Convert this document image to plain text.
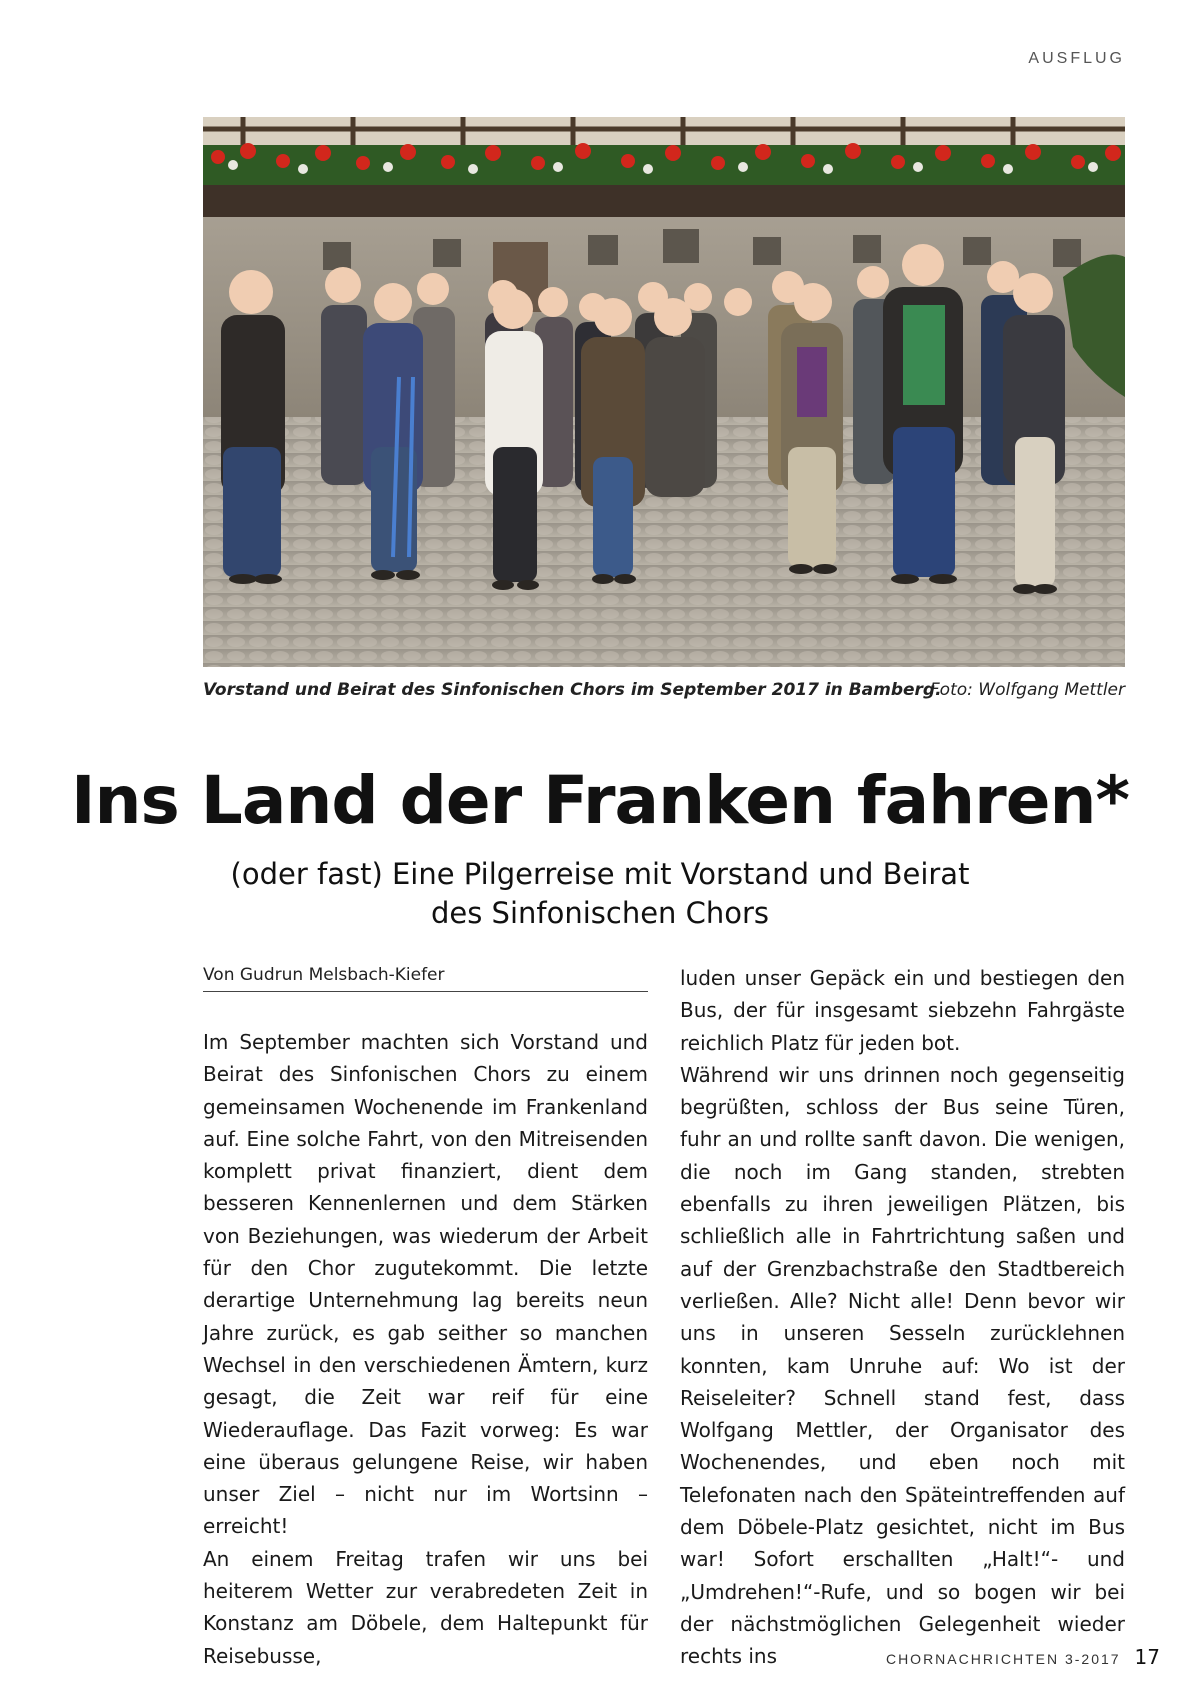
AUSFLUG
Vorstand und Beirat des Sinfonischen Chors im September 2017 in Bamberg.
Foto: Wolfgang Mettler
Ins Land der Franken fahren*
(oder fast) Eine Pilgerreise mit Vorstand und Beirat
des Sinfonischen Chors
Von Gudrun Melsbach-Kiefer

Im September machten sich Vorstand und Beirat des Sinfonischen Chors zu einem gemeinsamen Wochenende im Frankenland auf. Eine solche Fahrt, von den Mitreisenden komplett privat finanziert, dient dem besseren Kennenlernen und dem Stärken von Beziehungen, was wiederum der Arbeit für den Chor zugutekommt. Die letzte derartige Unternehmung lag bereits neun Jahre zurück, es gab seither so manchen Wechsel in den verschiedenen Ämtern, kurz gesagt, die Zeit war reif für eine Wiederauflage. Das Fazit vorweg: Es war eine überaus gelungene Reise, wir haben unser Ziel – nicht nur im Wortsinn – erreicht!

An einem Freitag trafen wir uns bei heiterem Wetter zur verabredeten Zeit in Konstanz am Döbele, dem Haltepunkt für Reisebusse,

luden unser Gepäck ein und bestiegen den Bus, der für insgesamt siebzehn Fahrgäste reichlich Platz für jeden bot.

Während wir uns drinnen noch gegenseitig begrüßten, schloss der Bus seine Türen, fuhr an und rollte sanft davon. Die wenigen, die noch im Gang standen, strebten ebenfalls zu ihren jeweiligen Plätzen, bis schließlich alle in Fahrtrichtung saßen und auf der Grenzbachstraße den Stadtbereich verließen. Alle? Nicht alle! Denn bevor wir uns in unseren Sesseln zurücklehnen konnten, kam Unruhe auf: Wo ist der Reiseleiter? Schnell stand fest, dass Wolfgang Mettler, der Organisator des Wochenendes, und eben noch mit Telefonaten nach den Späteintreffenden auf dem Döbele-Platz gesichtet, nicht im Bus war! Sofort erschallten „Halt!“- und „Umdrehen!“-Rufe, und so bogen wir bei der nächstmöglichen Gelegenheit wieder rechts ins	CHORNACHRICHTEN 3-2017 17
